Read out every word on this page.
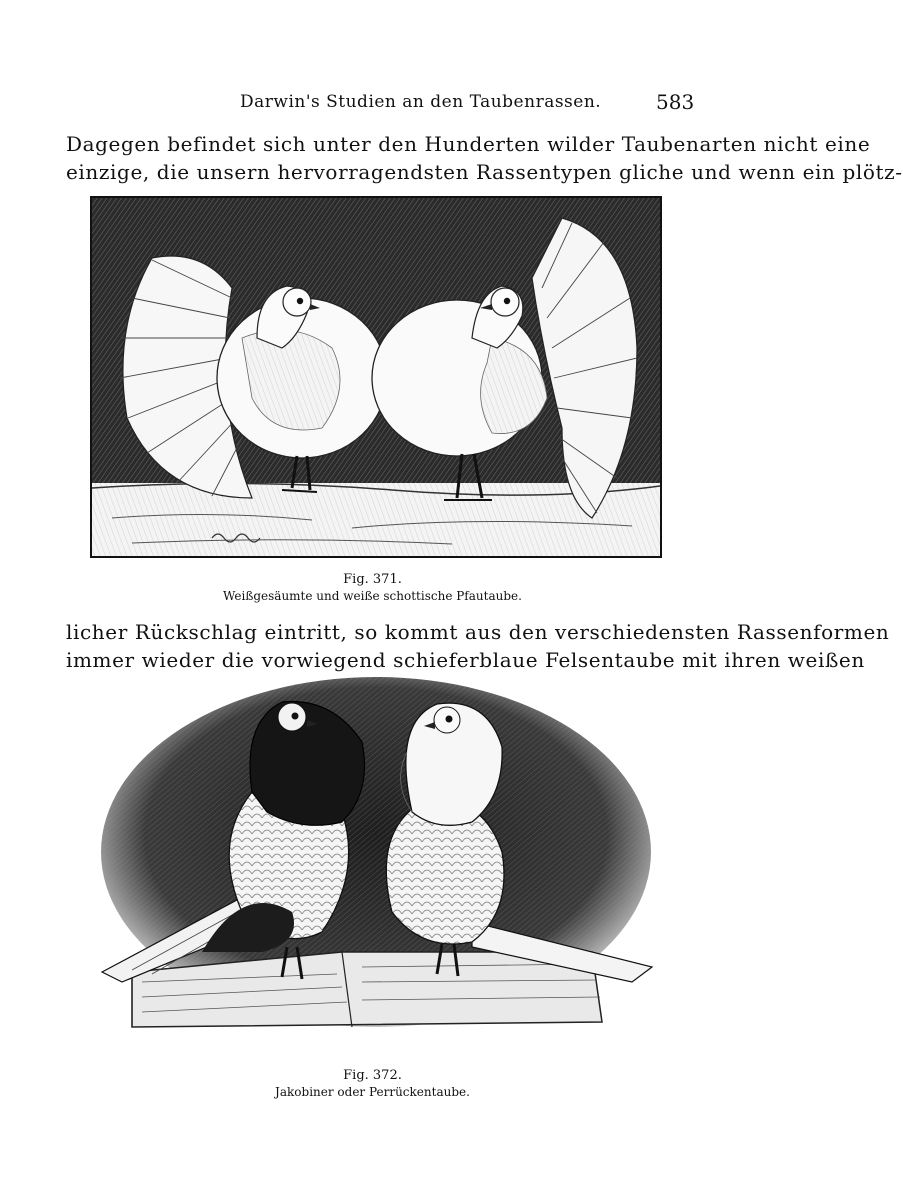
Darwin's Studien an den Taubenrassen.	583
Dagegen befindet sich unter den Hunderten wilder Taubenarten nicht eine
einzige, die unsern hervorragendsten Rassentypen gliche und wenn ein plötz-
Fig. 371.
Weißgesäumte und weiße schottische Pfautaube.
licher Rückschlag eintritt, so kommt aus den verschiedensten Rassenformen
immer wieder die vorwiegend schieferblaue Felsentaube mit ihren weißen
Fig. 372.
Jakobiner oder Perrückentaube.
